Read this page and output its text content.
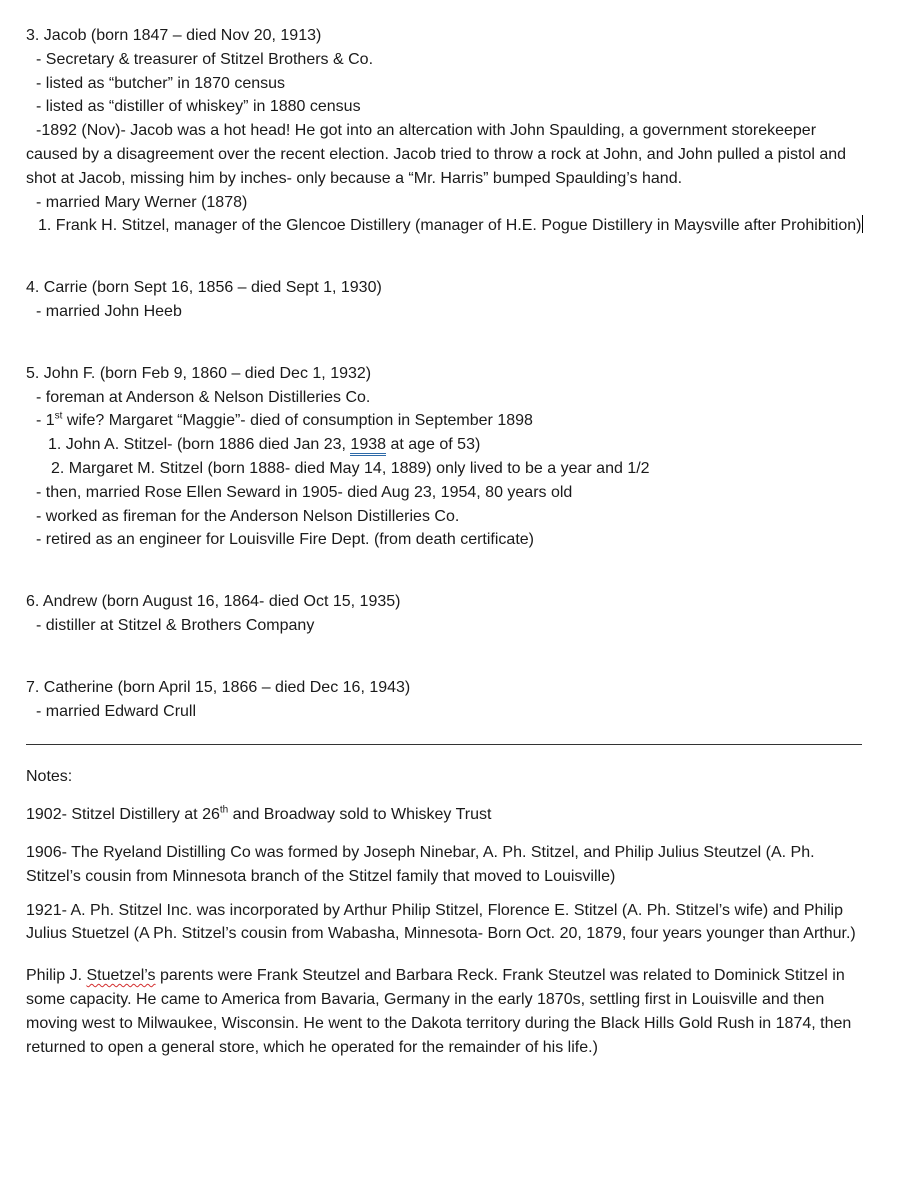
3. Jacob (born 1847 – died Nov 20, 1913)
- Secretary & treasurer of Stitzel Brothers & Co.
- listed as “butcher” in 1870 census
- listed as “distiller of whiskey” in 1880 census
-1892 (Nov)- Jacob was a hot head! He got into an altercation with John Spaulding, a government storekeeper caused by a disagreement over the recent election. Jacob tried to throw a rock at John, and John pulled a pistol and shot at Jacob, missing him by inches- only because a “Mr. Harris” bumped Spaulding’s hand.
- married Mary Werner (1878)
1. Frank H. Stitzel, manager of the Glencoe Distillery (manager of H.E. Pogue Distillery in Maysville after Prohibition)
4. Carrie (born Sept 16, 1856 – died Sept 1, 1930)
- married John Heeb
5. John F. (born Feb 9, 1860 – died Dec 1, 1932)
- foreman at Anderson & Nelson Distilleries Co.
- 1st wife? Margaret “Maggie”- died of consumption in September 1898
1. John A. Stitzel- (born 1886 died Jan 23, 1938 at age of 53)
2. Margaret M. Stitzel (born 1888- died May 14, 1889) only lived to be a year and 1/2
- then, married Rose Ellen Seward in 1905- died Aug 23, 1954, 80 years old
- worked as fireman for the Anderson Nelson Distilleries Co.
- retired as an engineer for Louisville Fire Dept. (from death certificate)
6. Andrew (born August 16, 1864- died Oct 15, 1935)
- distiller at Stitzel & Brothers Company
7. Catherine (born April 15, 1866 – died Dec 16, 1943)
- married Edward Crull
Notes:
1902- Stitzel Distillery at 26th and Broadway sold to Whiskey Trust
1906- The Ryeland Distilling Co was formed by Joseph Ninebar, A. Ph. Stitzel, and Philip Julius Steutzel (A. Ph. Stitzel’s cousin from Minnesota branch of the Stitzel family that moved to Louisville)
1921- A. Ph. Stitzel Inc. was incorporated by Arthur Philip Stitzel, Florence E. Stitzel (A. Ph. Stitzel’s wife) and Philip Julius Stuetzel (A Ph. Stitzel’s cousin from Wabasha, Minnesota- Born Oct. 20, 1879, four years younger than Arthur.)
Philip J. Stuetzel’s parents were Frank Steutzel and Barbara Reck. Frank Steutzel was related to Dominick Stitzel in some capacity. He came to America from Bavaria, Germany in the early 1870s, settling first in Louisville and then moving west to Milwaukee, Wisconsin. He went to the Dakota territory during the Black Hills Gold Rush in 1874, then returned to open a general store, which he operated for the remainder of his life.)
